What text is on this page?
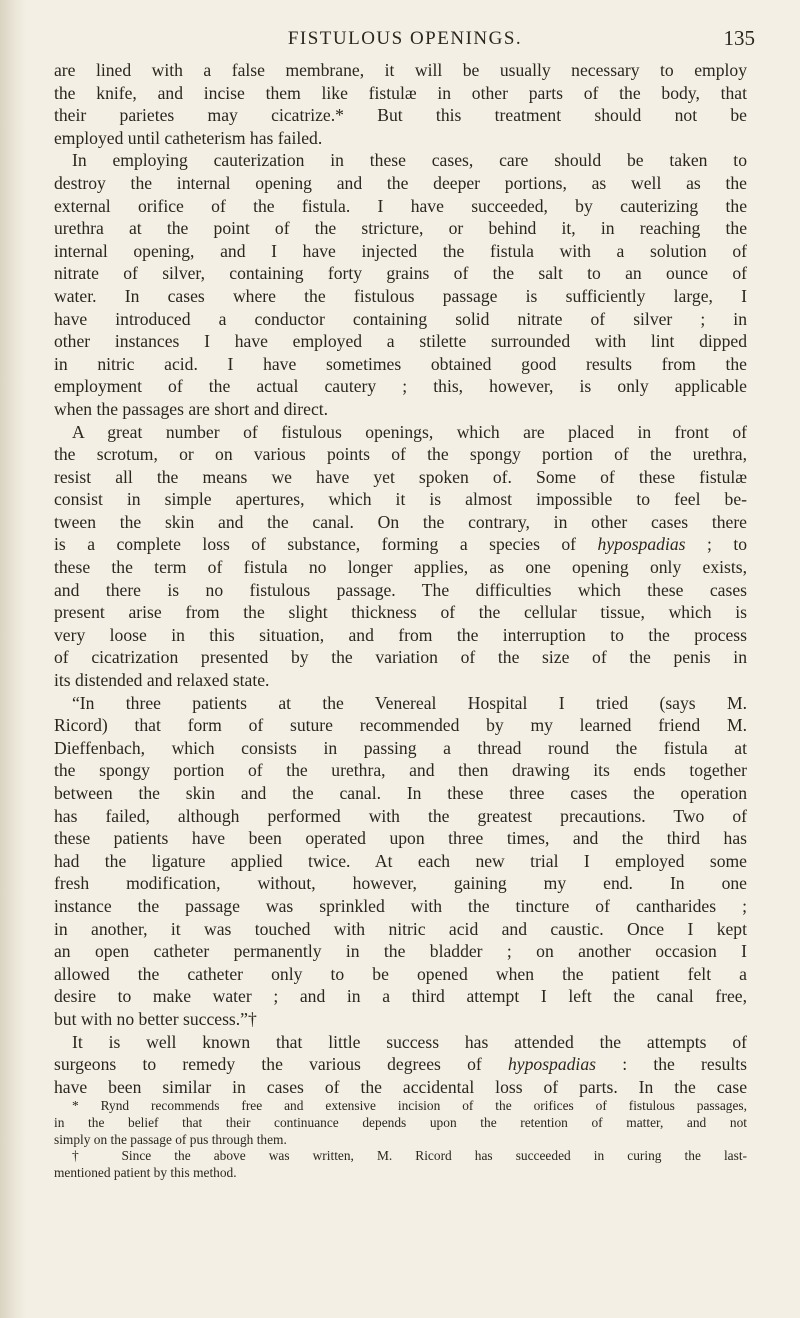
FISTULOUS OPENINGS.	135
are lined with a false membrane, it will be usually necessary to employ
the knife, and incise them like fistulæ in other parts of the body, that
their parietes may cicatrize.* But this treatment should not be
employed until catheterism has failed.
In employing cauterization in these cases, care should be taken to
destroy the internal opening and the deeper portions, as well as the
external orifice of the fistula. I have succeeded, by cauterizing the
urethra at the point of the stricture, or behind it, in reaching the
internal opening, and I have injected the fistula with a solution of
nitrate of silver, containing forty grains of the salt to an ounce of
water. In cases where the fistulous passage is sufficiently large, I
have introduced a conductor containing solid nitrate of silver ; in
other instances I have employed a stilette surrounded with lint dipped
in nitric acid. I have sometimes obtained good results from the
employment of the actual cautery ; this, however, is only applicable
when the passages are short and direct.
A great number of fistulous openings, which are placed in front of
the scrotum, or on various points of the spongy portion of the urethra,
resist all the means we have yet spoken of. Some of these fistulæ
consist in simple apertures, which it is almost impossible to feel be-
tween the skin and the canal. On the contrary, in other cases there
is a complete loss of substance, forming a species of hypospadias ; to
these the term of fistula no longer applies, as one opening only exists,
and there is no fistulous passage. The difficulties which these cases
present arise from the slight thickness of the cellular tissue, which is
very loose in this situation, and from the interruption to the process
of cicatrization presented by the variation of the size of the penis in
its distended and relaxed state.
“In three patients at the Venereal Hospital I tried (says M.
Ricord) that form of suture recommended by my learned friend M.
Dieffenbach, which consists in passing a thread round the fistula at
the spongy portion of the urethra, and then drawing its ends together
between the skin and the canal. In these three cases the operation
has failed, although performed with the greatest precautions. Two of
these patients have been operated upon three times, and the third has
had the ligature applied twice. At each new trial I employed some
fresh modification, without, however, gaining my end. In one
instance the passage was sprinkled with the tincture of cantharides ;
in another, it was touched with nitric acid and caustic. Once I kept
an open catheter permanently in the bladder ; on another occasion I
allowed the catheter only to be opened when the patient felt a
desire to make water ; and in a third attempt I left the canal free,
but with no better success.”†
It is well known that little success has attended the attempts of
surgeons to remedy the various degrees of hypospadias : the results
have been similar in cases of the accidental loss of parts. In the case
* Rynd recommends free and extensive incision of the orifices of fistulous passages,
in the belief that their continuance depends upon the retention of matter, and not
simply on the passage of pus through them.
† Since the above was written, M. Ricord has succeeded in curing the last-
mentioned patient by this method.
